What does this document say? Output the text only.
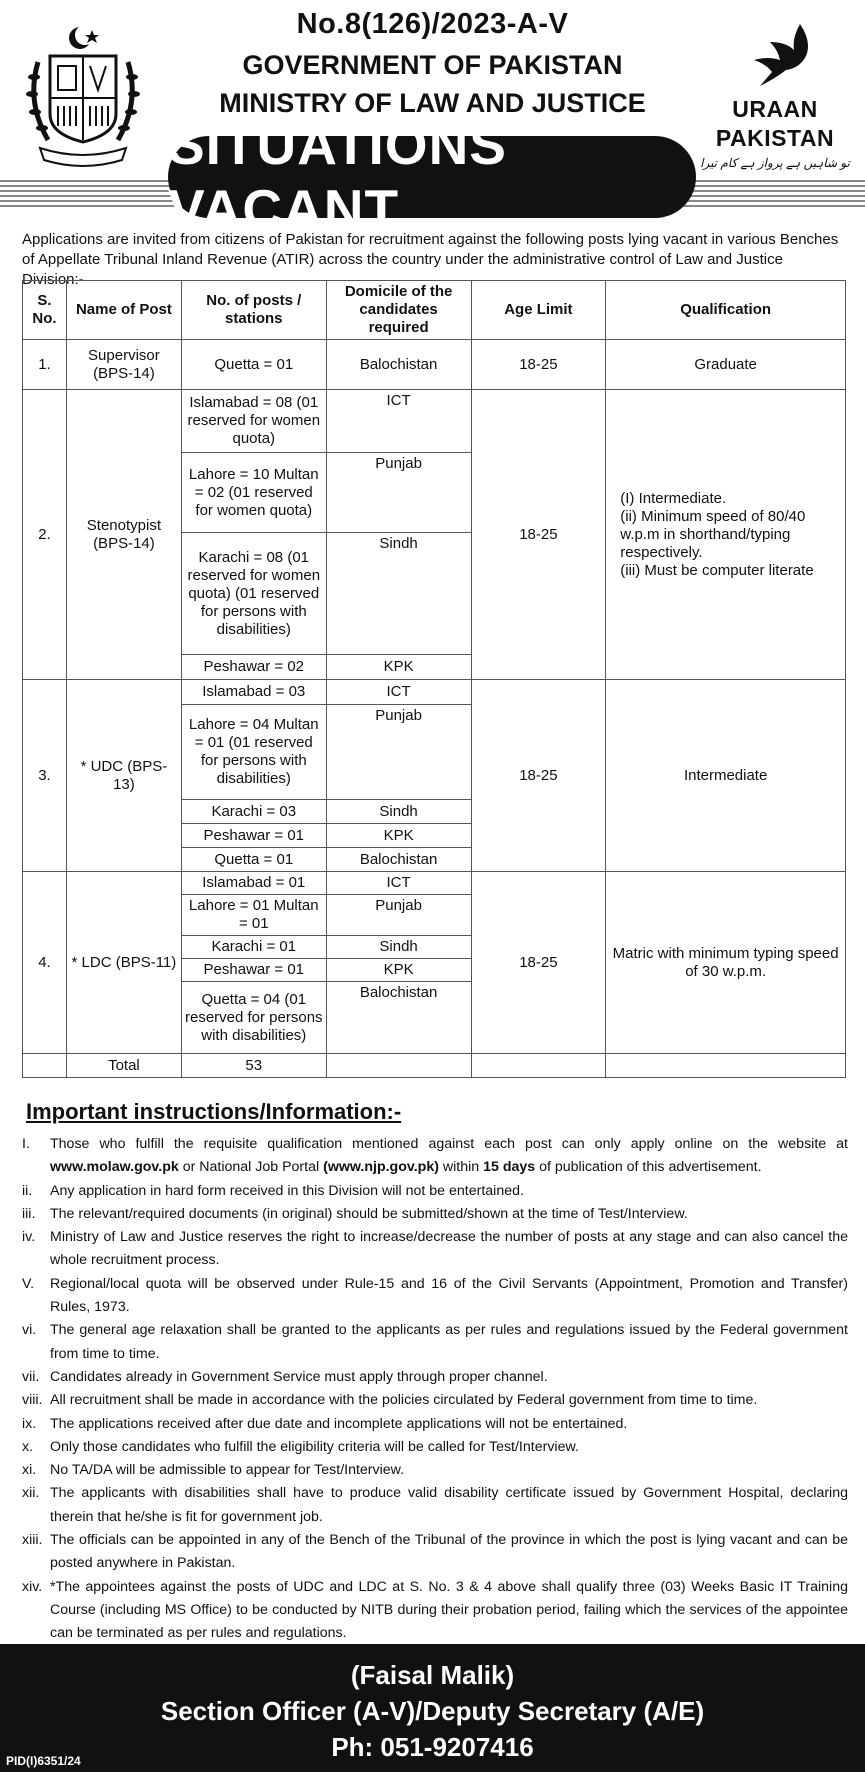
No.8(126)/2023-A-V
GOVERNMENT OF PAKISTAN
MINISTRY OF LAW AND JUSTICE
SITUATIONS VACANT
URAAN
PAKISTAN
تو شاہیں ہے پرواز ہے کام تیرا

Applications are invited from citizens of Pakistan for recruitment against the following posts lying vacant in various Benches of Appellate Tribunal Inland Revenue (ATIR) across the country under the administrative control of Law and Justice Division:-

S. No.	Name of Post	No. of posts / stations	Domicile of the candidates required	Age Limit	Qualification
1.	Supervisor (BPS-14)	Quetta = 01	Balochistan	18-25	Graduate
2.	Stenotypist (BPS-14)	Islamabad = 08 (01 reserved for women quota)	ICT	18-25	(I) Intermediate.
(ii) Minimum speed of 80/40 w.p.m in shorthand/typing respectively.
(iii) Must be computer literate

		Lahore = 10 Multan = 02 (01 reserved for women quota)	Punjab		
		Karachi = 08 (01 reserved for women quota) (01 reserved for persons with disabilities)	Sindh		
		Peshawar = 02	KPK		
3.	* UDC (BPS-13)	Islamabad = 03	ICT	18-25	Intermediate
		Lahore = 04 Multan = 01 (01 reserved for persons with disabilities)	Punjab		
		Karachi = 03	Sindh		
		Peshawar = 01	KPK		
		Quetta = 01	Balochistan		
4.	* LDC (BPS-11)	Islamabad = 01	ICT	18-25	Matric with minimum typing speed of 30 w.p.m.
		Lahore = 01 Multan = 01	Punjab		
		Karachi = 01	Sindh		
		Peshawar = 01	KPK		
		Quetta = 04 (01 reserved for persons with disabilities)	Balochistan		
	Total	53			
Important instructions/Information:-
I.	Those who fulfill the requisite qualification mentioned against each post can only apply online on the website at www.molaw.gov.pk or National Job Portal (www.njp.gov.pk) within 15 days of publication of this advertisement.
ii.	Any application in hard form received in this Division will not be entertained.
iii.	The relevant/required documents (in original) should be submitted/shown at the time of Test/Interview.
iv.	Ministry of Law and Justice reserves the right to increase/decrease the number of posts at any stage and can also cancel the whole recruitment process.
V.	Regional/local quota will be observed under Rule-15 and 16 of the Civil Servants (Appointment, Promotion and Transfer) Rules, 1973.
vi. The general age relaxation shall be granted to the applicants as per rules and regulations issued by the Federal government from time to time.
vii. Candidates already in Government Service must apply through proper channel.
viii. All recruitment shall be made in accordance with the policies circulated by Federal government from time to time.
ix. The applications received after due date and incomplete applications will not be entertained.
x.	Only those candidates who fulfill the eligibility criteria will be called for Test/Interview.
xi. No TA/DA will be admissible to appear for Test/Interview.
xii. The applicants with disabilities shall have to produce valid disability certificate issued by Government Hospital, declaring therein that he/she is fit for government job.
xiii. The officials can be appointed in any of the Bench of the Tribunal of the province in which the post is lying vacant and can be posted anywhere in Pakistan.
xiv. *The appointees against the posts of UDC and LDC at S. No. 3 & 4 above shall qualify three (03) Weeks Basic IT Training Course (including MS Office) to be conducted by NITB during their probation period, failing which the services of the appointee can be terminated as per rules and regulations.
(Faisal Malik)
Section Officer (A-V)/Deputy Secretary (A/E)
Ph: 051-9207416
PID(I)6351/24
